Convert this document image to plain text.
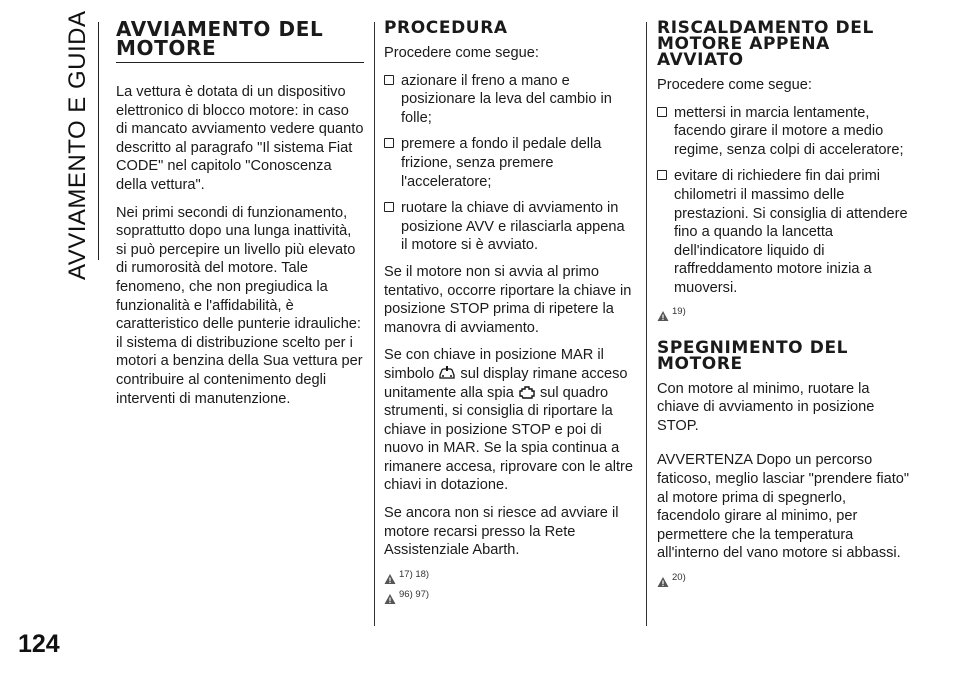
AVVIAMENTO E GUIDA
124
AVVIAMENTO DEL MOTORE

La vettura è dotata di un dispositivo elettronico di blocco motore: in caso di mancato avviamento vedere quanto descritto al paragrafo "Il sistema Fiat CODE" nel capitolo "Conoscenza della vettura".

Nei primi secondi di funzionamento, soprattutto dopo una lunga inattività, si può percepire un livello più elevato di rumorosità del motore. Tale fenomeno, che non pregiudica la funzionalità e l'affidabilità, è caratteristico delle punterie idrauliche: il sistema di distribuzione scelto per i motori a benzina della Sua vettura per contribuire al contenimento degli interventi di manutenzione.

PROCEDURA

Procedere come segue:

azionare il freno a mano e posizionare la leva del cambio in folle;
premere a fondo il pedale della frizione, senza premere l'acceleratore;
ruotare la chiave di avviamento in posizione AVV e rilasciarla appena il motore si è avviato.

Se il motore non si avvia al primo tentativo, occorre riportare la chiave in posizione STOP prima di ripetere la manovra di avviamento.

Se con chiave in posizione MAR il simbolo sul display rimane acceso unitamente alla spia sul quadro strumenti, si consiglia di riportare la chiave in posizione STOP e poi di nuovo in MAR. Se la spia continua a rimanere accesa, riprovare con le altre chiavi in dotazione.

Se ancora non si riesce ad avviare il motore recarsi presso la Rete Assistenziale Abarth.

17) 18)
96) 97)
RISCALDAMENTO DEL MOTORE APPENA AVVIATO

Procedere come segue:

mettersi in marcia lentamente, facendo girare il motore a medio regime, senza colpi di acceleratore;
evitare di richiedere fin dai primi chilometri il massimo delle prestazioni. Si consiglia di attendere fino a quando la lancetta dell'indicatore liquido di raffreddamento motore inizia a muoversi.
19)
SPEGNIMENTO DEL MOTORE

Con motore al minimo, ruotare la chiave di avviamento in posizione STOP.

AVVERTENZA Dopo un percorso faticoso, meglio lasciar "prendere fiato" al motore prima di spegnerlo, facendolo girare al minimo, per permettere che la temperatura all'interno del vano motore si abbassi.

20)
